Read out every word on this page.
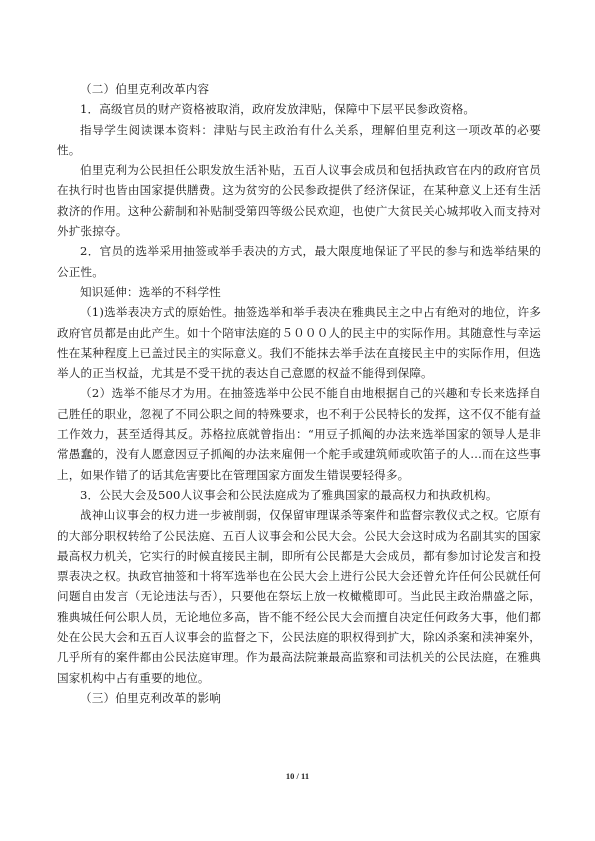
（二）伯里克利改革内容

1．高级官员的财产资格被取消，政府发放津贴，保障中下层平民参政资格。

指导学生阅读课本资料：津贴与民主政治有什么关系，理解伯里克利这一项改革的必要性。

伯里克利为公民担任公职发放生活补贴，五百人议事会成员和包括执政官在内的政府官员在执行时也皆由国家提供膳费。这为贫穷的公民参政提供了经济保证，在某种意义上还有生活救济的作用。这种公薪制和补贴制受第四等级公民欢迎，也使广大贫民关心城邦收入而支持对外扩张掠夺。

2．官员的选举采用抽签或举手表决的方式，最大限度地保证了平民的参与和选举结果的公正性。

知识延伸：选举的不科学性

（1)选举表决方式的原始性。抽签选举和举手表决在雅典民主之中占有绝对的地位，许多政府官员都是由此产生。如十个陪审法庭的５０００人的民主中的实际作用。其随意性与幸运性在某种程度上已盖过民主的实际意义。我们不能抹去举手法在直接民主中的实际作用，但选举人的正当权益，尤其是不受干扰的表达自己意愿的权益不能得到保障。

（2）选举不能尽才为用。在抽签选举中公民不能自由地根据自己的兴趣和专长来选择自己胜任的职业，忽视了不同公职之间的特殊要求，也不利于公民特长的发挥，这不仅不能有益工作效力，甚至适得其反。苏格拉底就曾指出：“用豆子抓阄的办法来选举国家的领导人是非常愚蠢的，没有人愿意因豆子抓阄的办法来雇佣一个舵手或建筑师或吹笛子的人…而在这些事上，如果作错了的话其危害要比在管理国家方面发生错误要轻得多。

3．公民大会及500人议事会和公民法庭成为了雅典国家的最高权力和执政机构。

战神山议事会的权力进一步被削弱，仅保留审理谋杀等案件和监督宗教仪式之权。它原有的大部分职权转给了公民法庭、五百人议事会和公民大会。公民大会这时成为名副其实的国家最高权力机关，它实行的时候直接民主制，即所有公民都是大会成员，都有参加讨论发言和投票表决之权。执政官抽签和十将军选举也在公民大会上进行公民大会还曾允许任何公民就任何问题自由发言（无论违法与否），只要他在祭坛上放一枚橄榄即可。当此民主政治鼎盛之际，雅典城任何公职人员，无论地位多高，皆不能不经公民大会而擅自决定任何政务大事，他们都处在公民大会和五百人议事会的监督之下，公民法庭的职权得到扩大，除凶杀案和渎神案外，几乎所有的案件都由公民法庭审理。作为最高法院兼最高监察和司法机关的公民法庭，在雅典国家机构中占有重要的地位。

（三）伯里克利改革的影响

10 / 11
